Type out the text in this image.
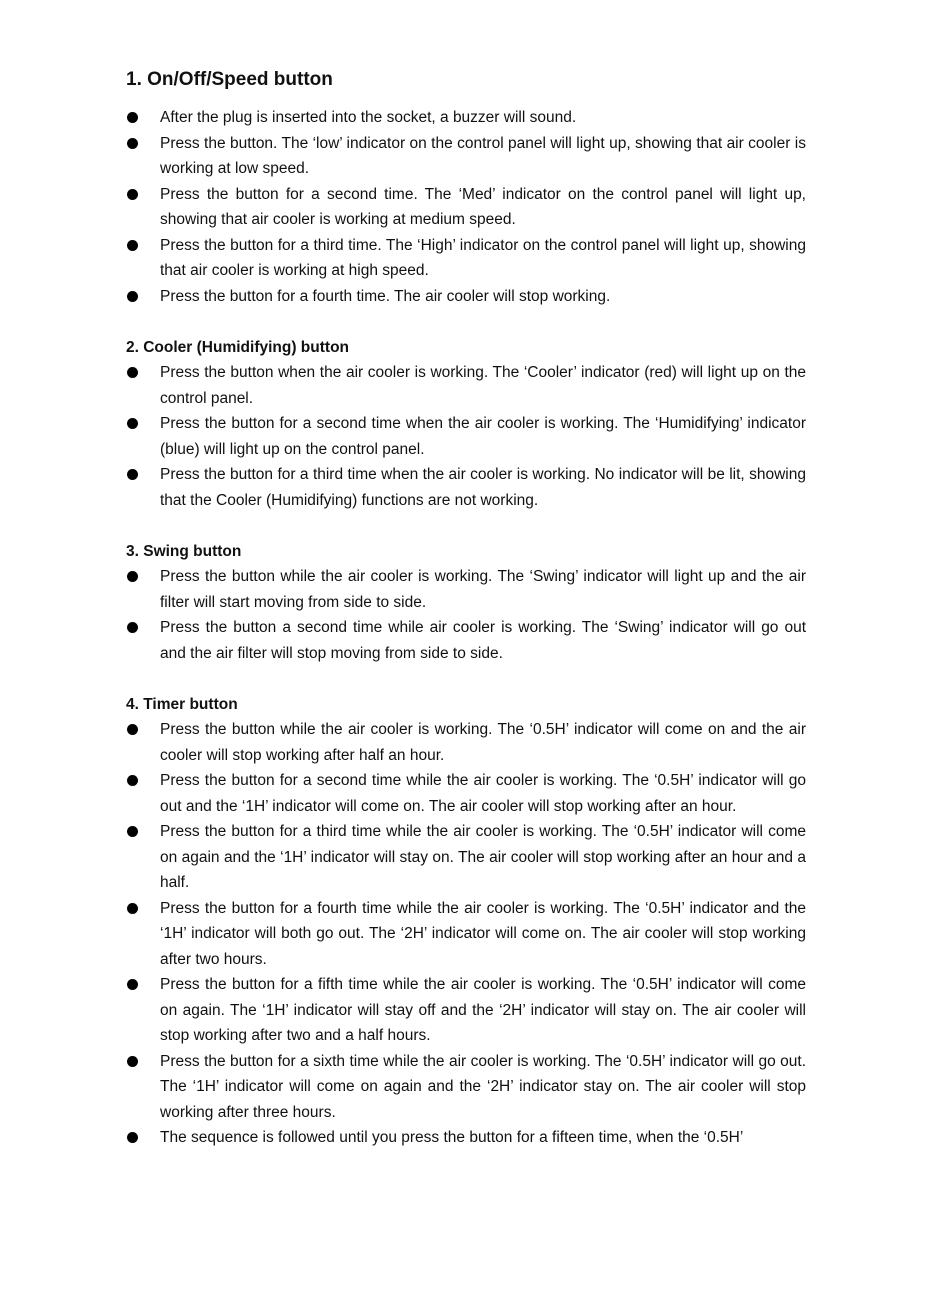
1. On/Off/Speed button
After the plug is inserted into the socket, a buzzer will sound.
Press the button. The ‘low’ indicator on the control panel will light up, showing that air cooler is working at low speed.
Press the button for a second time. The ‘Med’ indicator on the control panel will light up, showing that air cooler is working at medium speed.
Press the button for a third time. The ‘High’ indicator on the control panel will light up, showing that air cooler is working at high speed.
Press the button for a fourth time. The air cooler will stop working.
2. Cooler (Humidifying) button
Press the button when the air cooler is working. The ‘Cooler’ indicator (red) will light up on the control panel.
Press the button for a second time when the air cooler is working. The ‘Humidifying’ indicator (blue) will light up on the control panel.
Press the button for a third time when the air cooler is working. No indicator will be lit, showing that the Cooler (Humidifying) functions are not working.
3. Swing button
Press the button while the air cooler is working. The ‘Swing’ indicator will light up and the air filter will start moving from side to side.
Press the button a second time while air cooler is working. The ‘Swing’ indicator will go out and the air filter will stop moving from side to side.
4. Timer button
Press the button while the air cooler is working. The ‘0.5H’ indicator will come on and the air cooler will stop working after half an hour.
Press the button for a second time while the air cooler is working. The ‘0.5H’ indicator will go out and the ‘1H’ indicator will come on. The air cooler will stop working after an hour.
Press the button for a third time while the air cooler is working. The ‘0.5H’ indicator will come on again and the ‘1H’ indicator will stay on. The air cooler will stop working after an hour and a half.
Press the button for a fourth time while the air cooler is working. The ‘0.5H’ indicator and the ‘1H’ indicator will both go out. The ‘2H’ indicator will come on. The air cooler will stop working after two hours.
Press the button for a fifth time while the air cooler is working. The ‘0.5H’ indicator will come on again. The ‘1H’ indicator will stay off and the ‘2H’ indicator will stay on. The air cooler will stop working after two and a half hours.
Press the button for a sixth time while the air cooler is working. The ‘0.5H’ indicator will go out. The ‘1H’ indicator will come on again and the ‘2H’ indicator stay on. The air cooler will stop working after three hours.
The sequence is followed until you press the button for a fifteen time, when the ‘0.5H’
